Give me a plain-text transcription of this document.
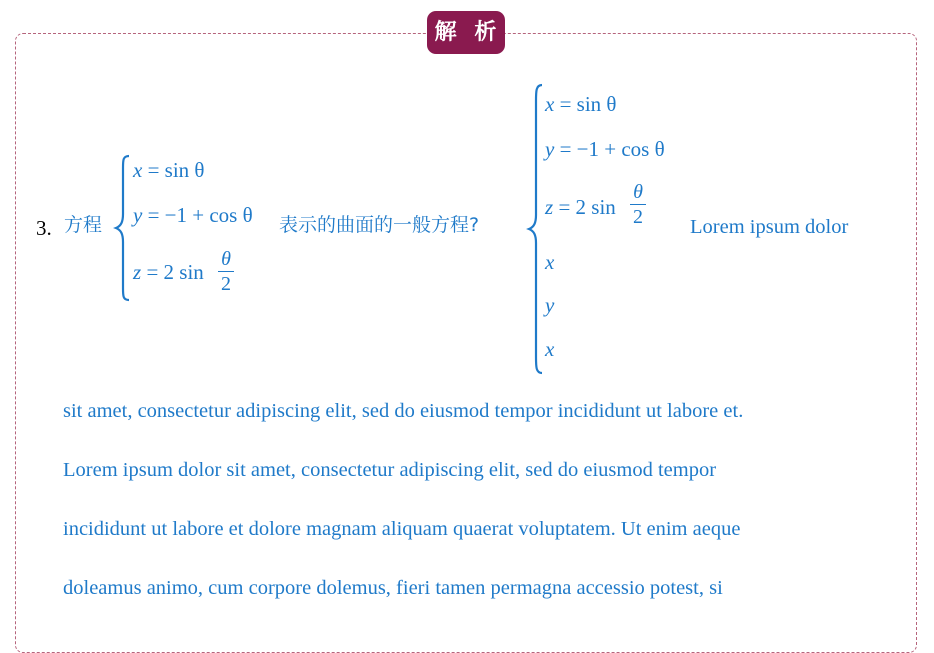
解 析
3. 方程
x = sin θ
y = −1 + cos θ
z = 2 sin
θ
2
表示的曲面的一般方程?
x = sin θ
y = −1 + cos θ
z = 2 sin
θ
2
x
y
x
Lorem ipsum dolor
sit amet, consectetur adipiscing elit, sed do eiusmod tempor incididunt ut labore et.
Lorem ipsum dolor sit amet, consectetur adipiscing elit, sed do eiusmod tempor
incididunt ut labore et dolore magnam aliquam quaerat voluptatem. Ut enim aeque
doleamus animo, cum corpore dolemus, fieri tamen permagna accessio potest, si
